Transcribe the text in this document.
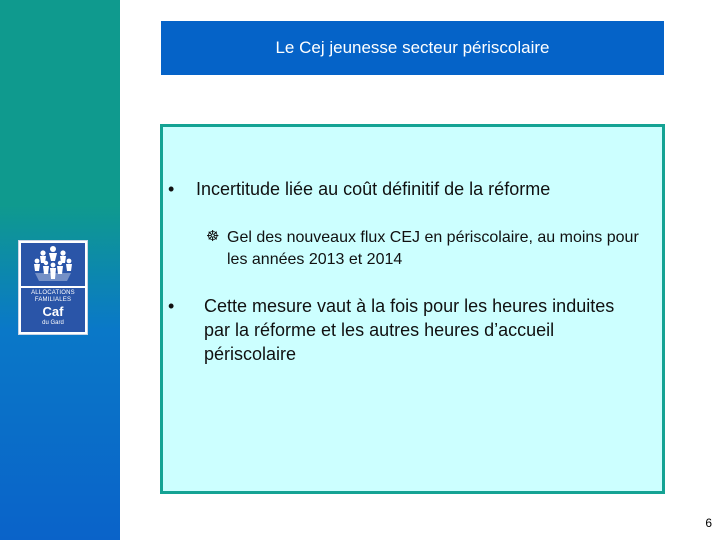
ALLOCATIONS
FAMILIALES
Caf
du Gard
Le Cej jeunesse secteur périscolaire
• Incertitude liée au coût définitif de la réforme
☸ Gel des nouveaux flux CEJ en périscolaire, au moins pour les années 2013 et 2014
• Cette mesure vaut à la fois pour les heures induites par la réforme et les autres heures d’accueil périscolaire
6
